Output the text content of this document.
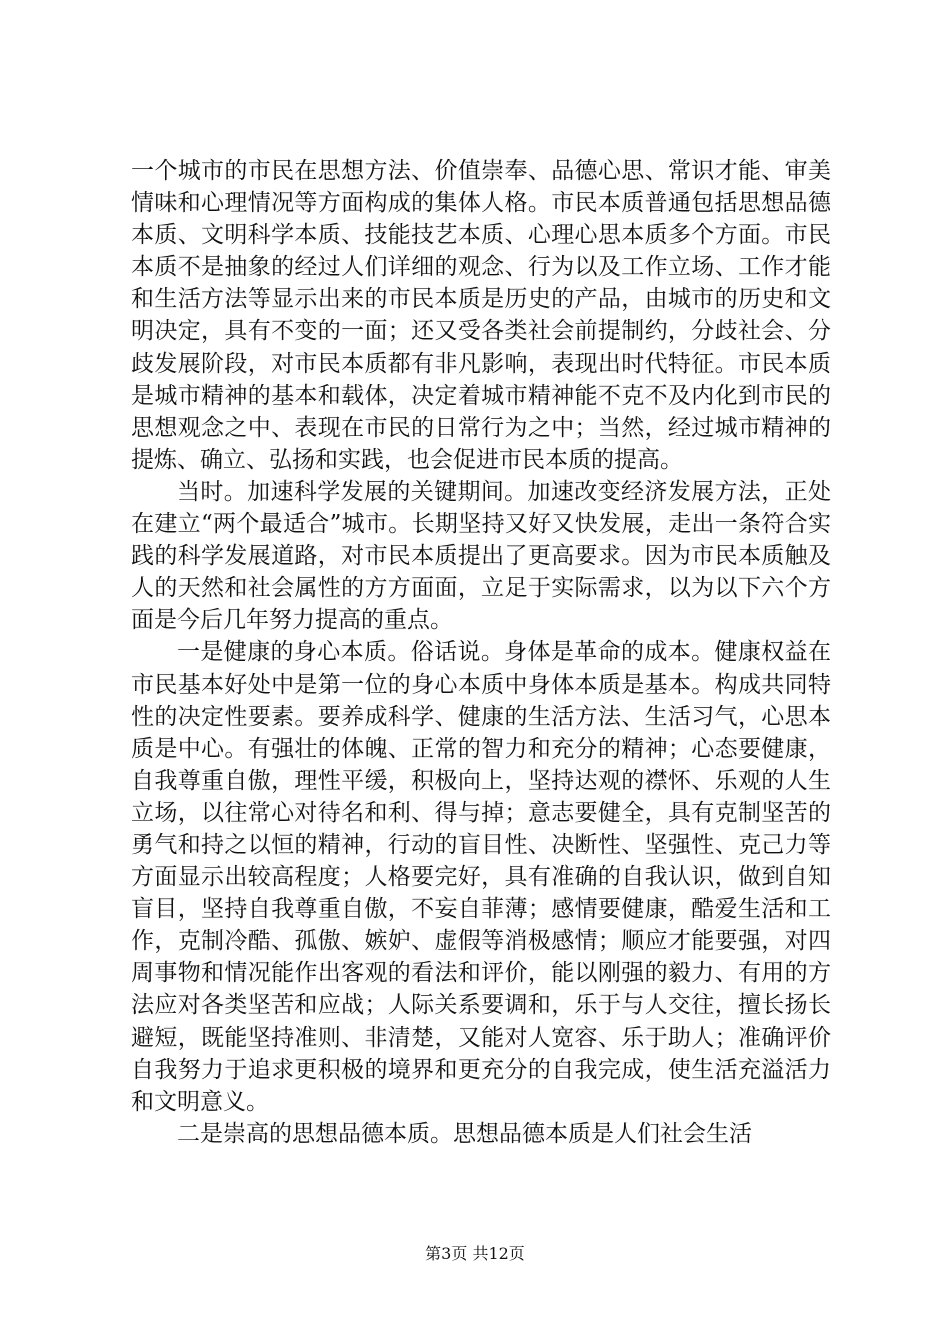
一个城市的市民在思想方法、价值崇奉、品德心思、常识才能、审美情味和心理情况等方面构成的集体人格。市民本质普通包括思想品德本质、文明科学本质、技能技艺本质、心理心思本质多个方面。市民本质不是抽象的经过人们详细的观念、行为以及工作立场、工作才能和生活方法等显示出来的市民本质是历史的产品，由城市的历史和文明决定，具有不变的一面；还又受各类社会前提制约，分歧社会、分歧发展阶段，对市民本质都有非凡影响，表现出时代特征。市民本质是城市精神的基本和载体，决定着城市精神能不克不及内化到市民的思想观念之中、表现在市民的日常行为之中；当然，经过城市精神的提炼、确立、弘扬和实践，也会促进市民本质的提高。

当时。加速科学发展的关键期间。加速改变经济发展方法，正处在建立“两个最适合”城市。长期坚持又好又快发展，走出一条符合实践的科学发展道路，对市民本质提出了更高要求。因为市民本质触及人的天然和社会属性的方方面面，立足于实际需求，以为以下六个方面是今后几年努力提高的重点。

一是健康的身心本质。俗话说。身体是革命的成本。健康权益在市民基本好处中是第一位的身心本质中身体本质是基本。构成共同特性的决定性要素。要养成科学、健康的生活方法、生活习气，心思本质是中心。有强壮的体魄、正常的智力和充分的精神；心态要健康，自我尊重自傲，理性平缓，积极向上，坚持达观的襟怀、乐观的人生立场，以往常心对待名和利、得与掉；意志要健全，具有克制坚苦的勇气和持之以恒的精神，行动的盲目性、决断性、坚强性、克己力等方面显示出较高程度；人格要完好，具有准确的自我认识，做到自知盲目，坚持自我尊重自傲，不妄自菲薄；感情要健康，酷爱生活和工作，克制冷酷、孤傲、嫉妒、虚假等消极感情；顺应才能要强，对四周事物和情况能作出客观的看法和评价，能以刚强的毅力、有用的方法应对各类坚苦和应战；人际关系要调和，乐于与人交往，擅长扬长避短，既能坚持准则、非清楚，又能对人宽容、乐于助人；准确评价自我努力于追求更积极的境界和更充分的自我完成，使生活充溢活力和文明意义。

二是崇高的思想品德本质。思想品德本质是人们社会生活

第3页 共12页
